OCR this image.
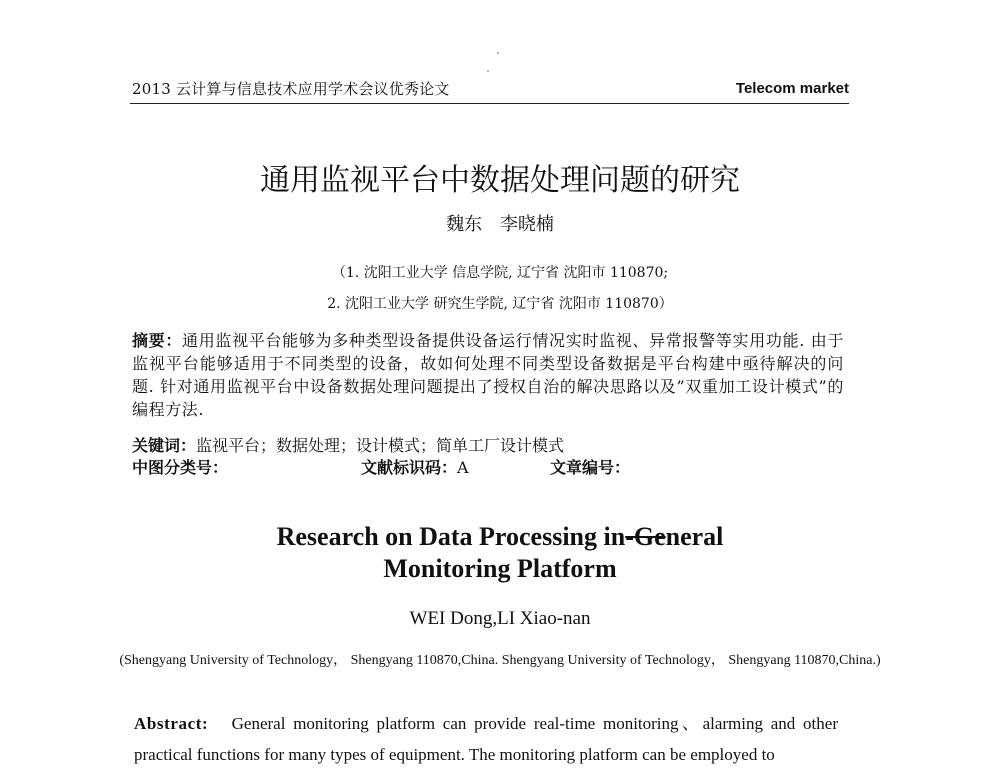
2013 云计算与信息技术应用学术会议优秀论文	Telecom market
通用监视平台中数据处理问题的研究
魏东 李晓楠
（1. 沈阳工业大学 信息学院, 辽宁省 沈阳市 110870;
2. 沈阳工业大学 研究生学院, 辽宁省 沈阳市 110870）
摘要：通用监视平台能够为多种类型设备提供设备运行情况实时监视、异常报警等实用功能. 由于监视平台能够适用于不同类型的设备，故如何处理不同类型设备数据是平台构建中亟待解决的问题. 针对通用监视平台中设备数据处理问题提出了授权自治的解决思路以及”双重加工设计模式”的编程方法.
关键词：监视平台；数据处理；设计模式；简单工厂设计模式
中图分类号：	文献标识码：A	文章编号：
Research on Data Processing in-General
Monitoring Platform
WEI Dong,LI Xiao-nan
(Shengyang University of Technology， Shengyang 110870,China. Shengyang University of Technology， Shengyang 110870,China.)
Abstract: General monitoring platform can provide real-time monitoring、alarming and other practical functions for many types of equipment. The monitoring platform can be employed to
